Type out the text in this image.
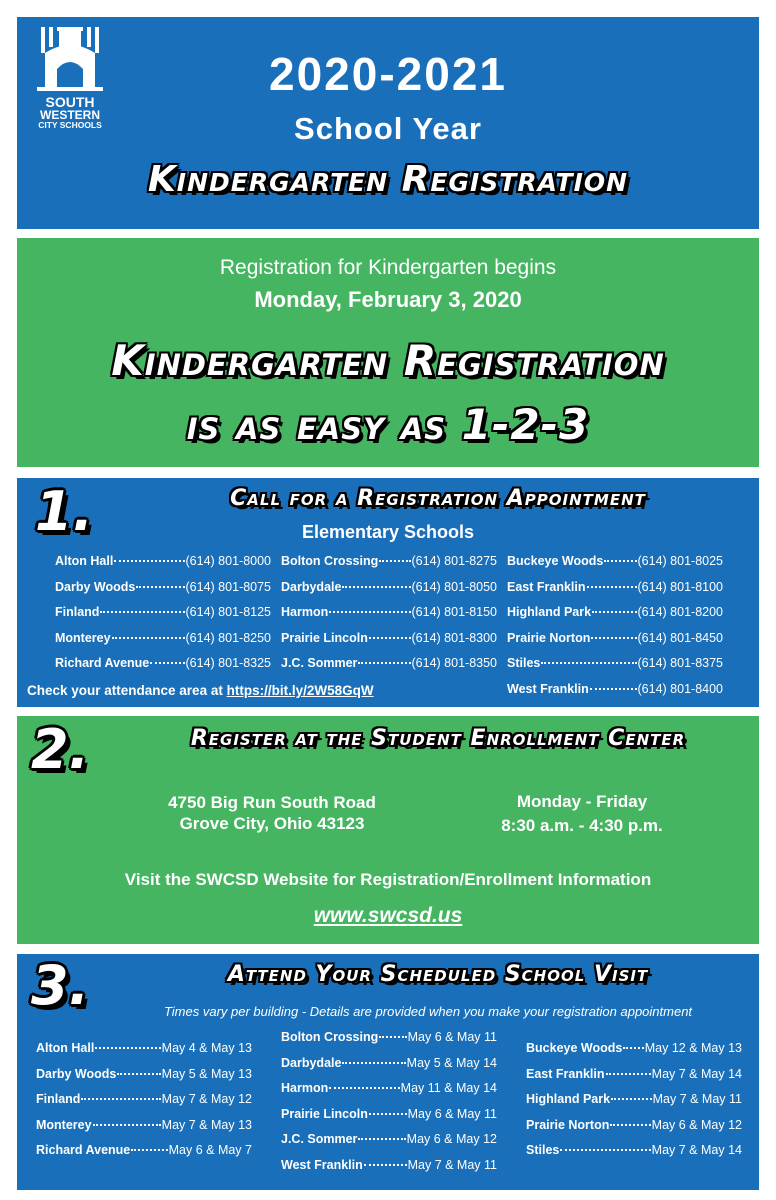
SOUTH
WESTERN
CITY SCHOOLS
2020-2021
School Year
Kindergarten Registration
Registration for Kindergarten begins
Monday, February 3, 2020
Kindergarten Registration
is as easy as 1-2-3
1.	Call for a Registration Appointment
Elementary Schools
Alton Hall	(614) 801-8000
Darby Woods	(614) 801-8075
Finland	(614) 801-8125
Monterey	(614) 801-8250
Richard Avenue	(614) 801-8325
Bolton Crossing	(614) 801-8275
Darbydale	(614) 801-8050
Harmon	(614) 801-8150
Prairie Lincoln	(614) 801-8300
J.C. Sommer	(614) 801-8350
Buckeye Woods	(614) 801-8025
East Franklin	(614) 801-8100
Highland Park	(614) 801-8200
Prairie Norton	(614) 801-8450
Stiles	(614) 801-8375
West Franklin	(614) 801-8400
Check your attendance area at https://bit.ly/2W58GqW
2.	Register at the Student Enrollment Center
4750 Big Run South Road
Grove City, Ohio 43123
Monday - Friday
8:30 a.m. - 4:30 p.m.
Visit the SWCSD Website for Registration/Enrollment Information
www.swcsd.us
3.	Attend Your Scheduled School Visit
Times vary per building - Details are provided when you make your registration appointment
Alton Hall	May 4 & May 13
Darby Woods	May 5 & May 13
Finland	May 7 & May 12
Monterey	May 7 & May 13
Richard Avenue	May 6 & May 7
Bolton Crossing May 6 & May 11
Darbydale	May 5 & May 14
Harmon	May 11 & May 14
Prairie Lincoln	May 6 & May 11
J.C. Sommer	May 6 & May 12
West Franklin	May 7 & May 11
Buckeye Woods May 12 & May 13
East Franklin	May 7 & May 14
Highland Park	May 7 & May 11
Prairie Norton	May 6 & May 12
Stiles	May 7 & May 14
